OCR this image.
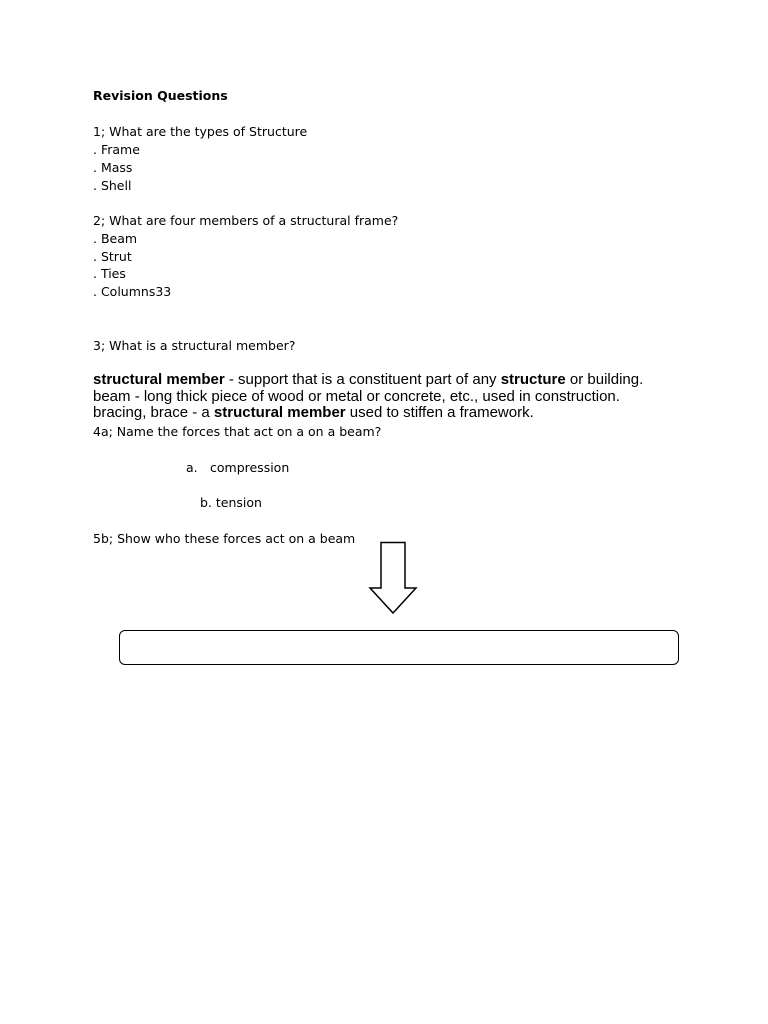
Revision Questions
1; What are the types of Structure
. Frame
. Mass
. Shell
2; What are four members of a structural frame?
. Beam
. Strut
. Ties
. Columns33
3; What is a structural member?
structural member - support that is a constituent part of any structure or building.
beam - long thick piece of wood or metal or concrete, etc., used in construction.
bracing, brace - a structural member used to stiffen a framework.
4a; Name the forces that act on a on a beam?
a. compression
b. tension
5b; Show who these forces act on a beam
